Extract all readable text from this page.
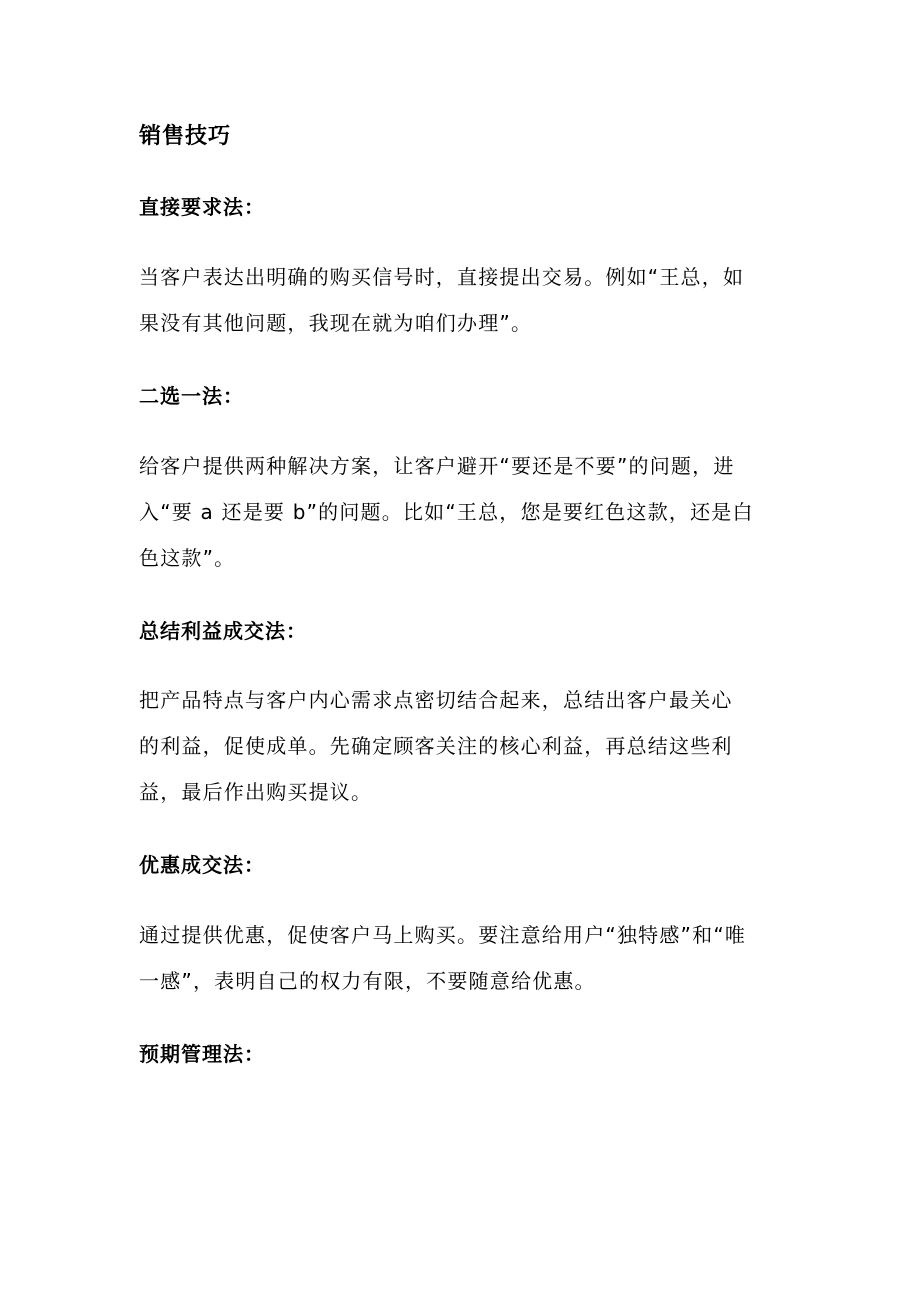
销售技巧
直接要求法：
当客户表达出明确的购买信号时，直接提出交易。例如“王总，如
果没有其他问题，我现在就为咱们办理”。
二选一法：
给客户提供两种解决方案，让客户避开“要还是不要”的问题，进
入“要 a 还是要 b”的问题。比如“王总，您是要红色这款，还是白
色这款”。
总结利益成交法：
把产品特点与客户内心需求点密切结合起来，总结出客户最关心
的利益，促使成单。先确定顾客关注的核心利益，再总结这些利
益，最后作出购买提议。
优惠成交法：
通过提供优惠，促使客户马上购买。要注意给用户“独特感”和“唯
一感”，表明自己的权力有限，不要随意给优惠。
预期管理法：
